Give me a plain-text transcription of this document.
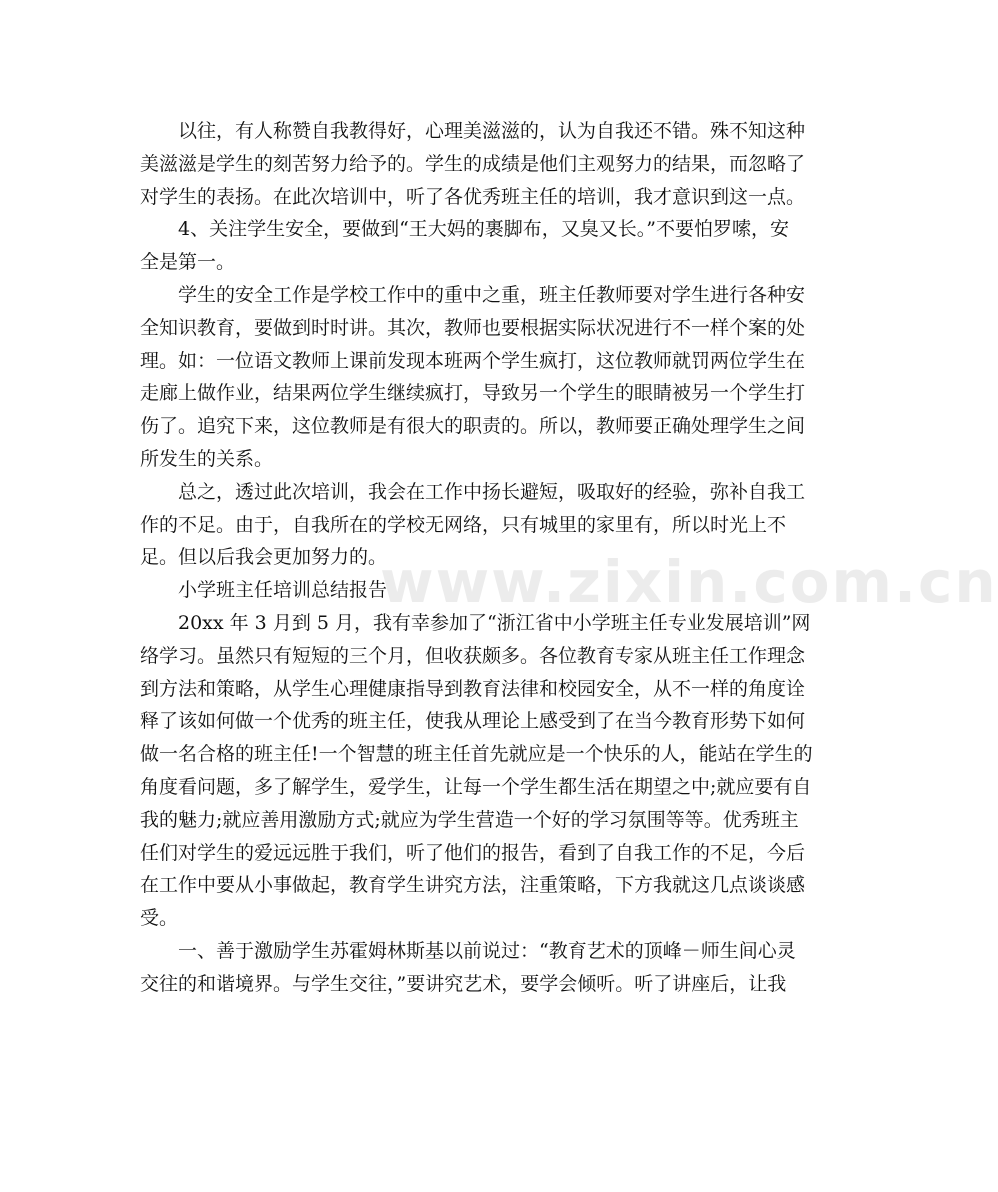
www.zixin.com.cn
以往，有人称赞自我教得好，心理美滋滋的，认为自我还不错。殊不知这种
美滋滋是学生的刻苦努力给予的。学生的成绩是他们主观努力的结果，而忽略了
对学生的表扬。在此次培训中，听了各优秀班主任的培训，我才意识到这一点。
4、关注学生安全，要做到“王大妈的裹脚布，又臭又长。”不要怕罗嗦，安
全是第一。
学生的安全工作是学校工作中的重中之重，班主任教师要对学生进行各种安
全知识教育，要做到时时讲。其次，教师也要根据实际状况进行不一样个案的处
理。如：一位语文教师上课前发现本班两个学生疯打，这位教师就罚两位学生在
走廊上做作业，结果两位学生继续疯打，导致另一个学生的眼睛被另一个学生打
伤了。追究下来，这位教师是有很大的职责的。所以，教师要正确处理学生之间
所发生的关系。
总之，透过此次培训，我会在工作中扬长避短，吸取好的经验，弥补自我工
作的不足。由于，自我所在的学校无网络，只有城里的家里有，所以时光上不
足。但以后我会更加努力的。
小学班主任培训总结报告
20xx 年 3 月到 5 月，我有幸参加了“浙江省中小学班主任专业发展培训”网
络学习。虽然只有短短的三个月，但收获颇多。各位教育专家从班主任工作理念
到方法和策略，从学生心理健康指导到教育法律和校园安全，从不一样的角度诠
释了该如何做一个优秀的班主任，使我从理论上感受到了在当今教育形势下如何
做一名合格的班主任!一个智慧的班主任首先就应是一个快乐的人，能站在学生的
角度看问题，多了解学生，爱学生，让每一个学生都生活在期望之中;就应要有自
我的魅力;就应善用激励方式;就应为学生营造一个好的学习氛围等等。优秀班主
任们对学生的爱远远胜于我们，听了他们的报告，看到了自我工作的不足，今后
在工作中要从小事做起，教育学生讲究方法，注重策略，下方我就这几点谈谈感
受。
一、善于激励学生苏霍姆林斯基以前说过：“教育艺术的顶峰－师生间心灵
交往的和谐境界。与学生交往，”要讲究艺术，要学会倾听。听了讲座后，让我
